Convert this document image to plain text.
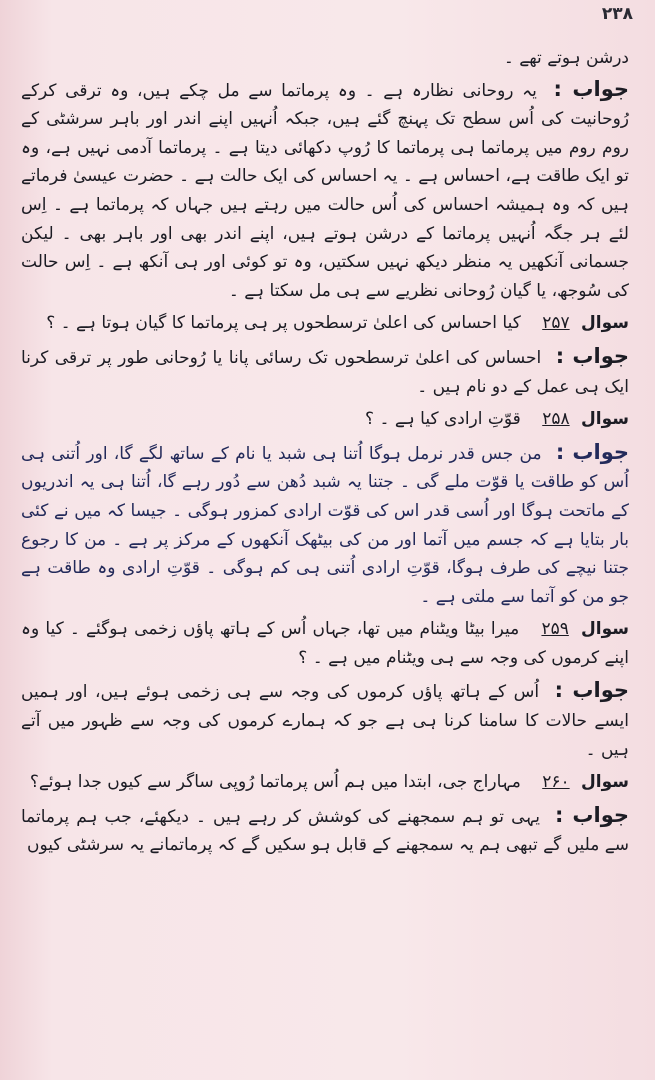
۲۳۸

درشن ہوتے تھے ۔

جواب : یہ روحانی نظارہ ہے ۔ وہ پرماتما سے مل چکے ہیں، وہ ترقی کرکے رُوحانیت کی اُس سطح تک پہنچ گئے ہیں، جبکہ اُنہیں اپنے اندر اور باہر سرشٹی کے روم روم میں پرماتما ہی پرماتما کا رُوپ دکھائی دیتا ہے ۔ پرماتما آدمی نہیں ہے، وہ تو ایک طاقت ہے، احساس ہے ۔ یہ احساس کی ایک حالت ہے ۔ حضرت عیسیٰ فرماتے ہیں کہ وہ ہمیشہ احساس کی اُس حالت میں رہتے ہیں جہاں کہ پرماتما ہے ۔ اِس لئے ہر جگہ اُنہیں پرماتما کے درشن ہوتے ہیں، اپنے اندر بھی اور باہر بھی ۔ لیکن جسمانی آنکھیں یہ منظر دیکھ نہیں سکتیں، وہ تو کوئی اور ہی آنکھ ہے ۔ اِس حالت کی سُوجھ، یا گیان رُوحانی نظریے سے ہی مل سکتا ہے ۔

سوال ۲۵۷ کیا احساس کی اعلیٰ ترسطحوں پر ہی پرماتما کا گیان ہوتا ہے ۔ ؟

جواب : احساس کی اعلیٰ ترسطحوں تک رسائی پانا یا رُوحانی طور پر ترقی کرنا ایک ہی عمل کے دو نام ہیں ۔

سوال ۲۵۸ قوّتِ ارادی کیا ہے ۔ ؟

جواب : من جس قدر نرمل ہوگا اُتنا ہی شبد یا نام کے ساتھ لگے گا، اور اُتنی ہی اُس کو طاقت یا قوّت ملے گی ۔ جتنا یہ شبد دُھن سے دُور رہے گا، اُتنا ہی یہ اندریوں کے ماتحت ہوگا اور اُسی قدر اس کی قوّت ارادی کمزور ہوگی ۔ جیسا کہ میں نے کئی بار بتایا ہے کہ جسم میں آتما اور من کی بیٹھک آنکھوں کے مرکز پر ہے ۔ من کا رجوع جتنا نیچے کی طرف ہوگا، قوّتِ ارادی اُتنی ہی کم ہوگی ۔ قوّتِ ارادی وہ طاقت ہے جو من کو آتما سے ملتی ہے ۔

سوال ۲۵۹ میرا بیٹا ویٹنام میں تھا، جہاں اُس کے ہاتھ پاؤں زخمی ہوگئے ۔ کیا وہ اپنے کرموں کی وجہ سے ہی ویٹنام میں ہے ۔ ؟

جواب : اُس کے ہاتھ پاؤں کرموں کی وجہ سے ہی زخمی ہوئے ہیں، اور ہمیں ایسے حالات کا سامنا کرنا ہی ہے جو کہ ہمارے کرموں کی وجہ سے ظہور میں آتے ہیں ۔

سوال ۲۶۰ مہاراج جی، ابتدا میں ہم اُس پرماتما رُوپی ساگر سے کیوں جدا ہوئے؟

جواب : یہی تو ہم سمجھنے کی کوشش کر رہے ہیں ۔ دیکھئے، جب ہم پرماتما سے ملیں گے تبھی ہم یہ سمجھنے کے قابل ہو سکیں گے کہ پرماتمانے یہ سرشٹی کیوں
